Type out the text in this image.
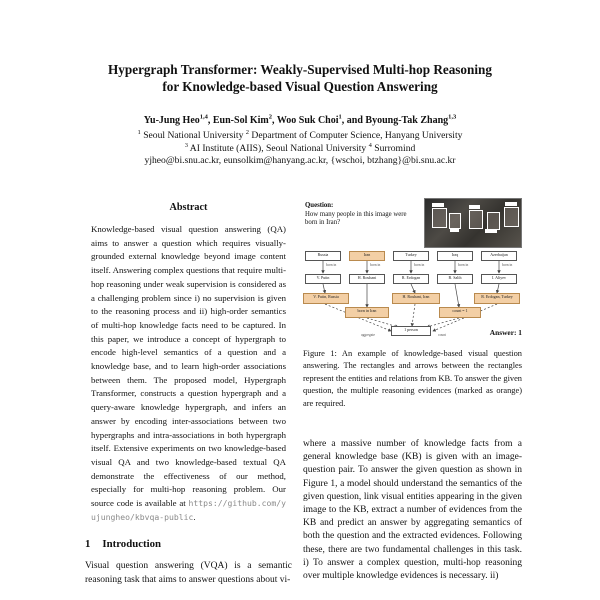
Hypergraph Transformer: Weakly-Supervised Multi-hop Reasoning
for Knowledge-based Visual Question Answering
Yu-Jung Heo$^{1,4}$, Eun-Sol Kim$^2$, Woo Suk Choi$^1$, and Byoung-Tak Zhang$^{1,3}$
$^1$ Seoul National University $^2$ Department of Computer Science, Hanyang University
$^3$ AI Institute (AIIS), Seoul National University $^4$ Surromind
yjheo@bi.snu.ac.kr, eunsolkim@hanyang.ac.kr, {wschoi, btzhang}@bi.snu.ac.kr

Abstract

Knowledge-based visual question answering (QA) aims to answer a question which requires visually-grounded external knowledge beyond image content itself. Answering complex questions that require multi-hop reasoning under weak supervision is considered as a challenging problem since i) no supervision is given to the reasoning process and ii) high-order semantics of multi-hop knowledge facts need to be captured. In this paper, we introduce a concept of hypergraph to encode high-level semantics of a question and a knowledge base, and to learn high-order associations between them. The proposed model, Hypergraph Transformer, constructs a question hypergraph and a query-aware knowledge hypergraph, and infers an answer by encoding inter-associations between two hypergraphs and intra-associations in both hypergraph itself. Extensive experiments on two knowledge-based visual QA and two knowledge-based textual QA demonstrate the effectiveness of our method, especially for multi-hop reasoning problem. Our source code is available at https://github.com/yujungheo/kbvqa-public.

1 Introduction

Visual question answering (VQA) is a semantic reasoning task that aims to answer questions about vi-

Question:
How many people in this image were born in Iran?
Russia	Iran	Turkey	Iraq	Azerbaijan
born in	born in	born in	born in	born in
V. Putin	H. Rouhani	R. Erdogan	B. Salih	I. Aliyev
V. Putin, Russia	H. Rouhani, Iran	R. Erdogan, Turkey
born in Iran	count = 1
1 person
aggregate	count	Answer: 1
Figure 1: An example of knowledge-based visual question answering. The rectangles and arrows between the rectangles represent the entities and relations from KB. To answer the given question, the multiple reasoning evidences (marked as orange) are required.

where a massive number of knowledge facts from a general knowledge base (KB) is given with an image-question pair. To answer the given question as shown in Figure 1, a model should understand the semantics of the given question, link visual entities appearing in the given image to the KB, extract a number of evidences from the KB and predict an answer by aggregating semantics of both the question and the extracted evidences. Following these, there are two fundamental challenges in this task. i) To answer a complex question, multi-hop reasoning over multiple knowledge evidences is necessary. ii)
